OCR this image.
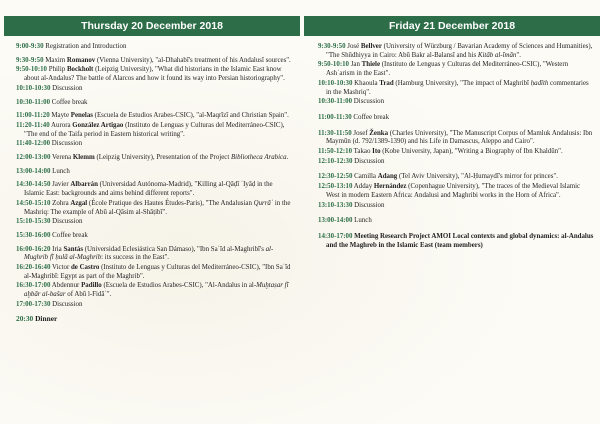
Thursday 20 December 2018

9:00-9:30 Registration and Introduction

9:30-9:50 Maxim Romanov (Vienna University), "al-Dhahabī's treatment of his Andalusī sources".

9:50-10:10 Philip Bockholt (Leipzig University), "What did historians in the Islamic East know about al-Andalus? The battle of Alarcos and how it found its way into Persian historiography".

10:10-10:30 Discussion

10:30-11:00 Coffee break

11:00-11:20 Mayte Penelas (Escuela de Estudios Arabes-CSIC), "al-Maqrīzī and Christian Spain".

11:20-11:40 Aurora González Artigao (Instituto de Lenguas y Culturas del Mediterráneo-CSIC), "The end of the Taifa period in Eastern historical writing".

11:40-12:00 Discussion

12:00-13:00 Verena Klemm (Leipzig University), Presentation of the Project Bibliotheca Arabica.

13:00-14:00 Lunch

14:30-14:50 Javier Albarrán (Universidad Autónoma-Madrid), "Killing al-Qāḍī ʿIyāḍ in the Islamic East: backgrounds and aims behind different reports".

14:50-15:10 Zohra Azgal (École Pratique des Hautes Études-Paris), "The Andalusian Qurrāʾ in the Mashriq: The example of Abū al-Qāsim al-Shāṭibī".

15:10-15:30 Discussion

15:30-16:00 Coffee break

16:00-16:20 Iria Santás (Universidad Eclesiástica San Dámaso), "Ibn Saʿīd al-Maghribī's al-Mughrib fī ḥulā al-Maghrib: its success in the East".

16:20-16:40 Victor de Castro (Instituto de Lenguas y Culturas del Mediterráneo-CSIC), "Ibn Saʿīd al-Maghribī: Egypt as part of the Maghrib".

16:30-17:00 Abdennur Padillo (Escuela de Estudios Arabes-CSIC), "Al-Andalus in al-Muḫtaṣar fī aḫbār al-bašar of Abū l-Fidāʾ".

17:00-17:30 Discussion

20:30 Dinner

Friday 21 December 2018

9:30-9:50 José Bellver (University of Würzburg / Bavarian Academy of Sciences and Humanities), "The Shūdhiyya in Cairo: Abū Bakr al-Balansī and his Kitāb al-īmān".

9:50-10:10 Jan Thiele (Instituto de Lenguas y Culturas del Mediterráneo-CSIC), "Western Ashʿarism in the East".

10:10-10:30 Khaoula Trad (Hamburg University), "The impact of Maghribī ḥadīth commentaries in the Mashriq".

10:30-11:00 Discussion

11:00-11:30 Coffee break

11:30-11:50 Josef Ženka (Charles University), "The Manuscript Corpus of Mamluk Andalusis: Ibn Maymūn (d. 792/1389-1390) and his Life in Damascus, Aleppo and Cairo".

11:50-12:10 Takao Ito (Kobe University, Japan), "Writing a Biography of Ibn Khaldūn".

12:10-12:30 Discussion

12:30-12:50 Camilla Adang (Tel Aviv University), "Al-Ḥumaydī's mirror for princes".

12:50-13:10 Adday Hernández (Copenhague University), "The traces of the Medieval Islamic West in modern Eastern Africa: Andalusi and Maghribi works in the Horn of Africa".

13:10-13:30 Discussion

13:00-14:00 Lunch

14:30-17:00 Meeting Research Project AMOI Local contexts and global dynamics: al-Andalus and the Maghreb in the Islamic East (team members)
